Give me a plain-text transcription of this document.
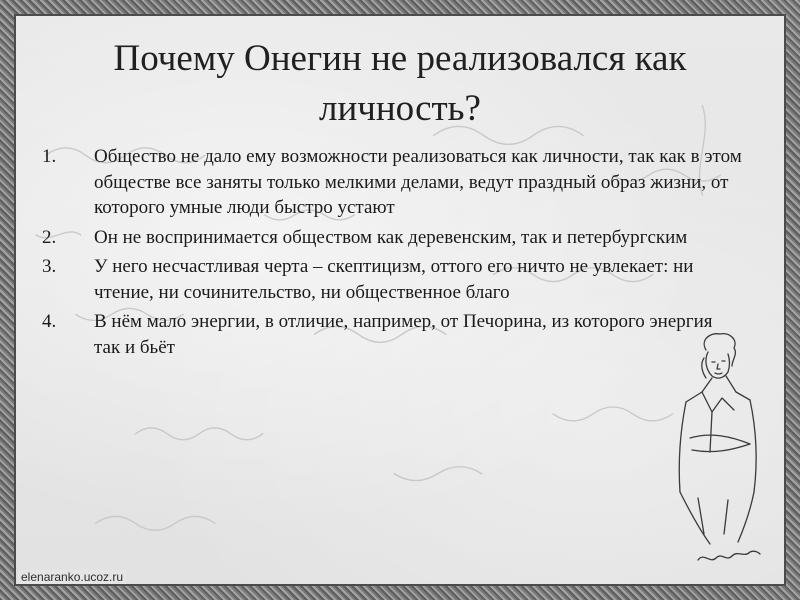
Почему Онегин не реализовался как личность?
1.	Общество не дало ему возможности реализоваться как личности, так как в этом обществе все заняты только мелкими делами, ведут праздный образ жизни, от которого умные люди быстро устают
2.	Он не воспринимается обществом как деревенским, так и петербургским
3.	У него несчастливая черта – скептицизм, оттого его ничто не увлекает: ни чтение, ни сочинительство, ни общественное благо
4.	В нём мало энергии, в отличие, например, от Печорина, из которого энергия так и бьёт
elenaranko.ucoz.ru
